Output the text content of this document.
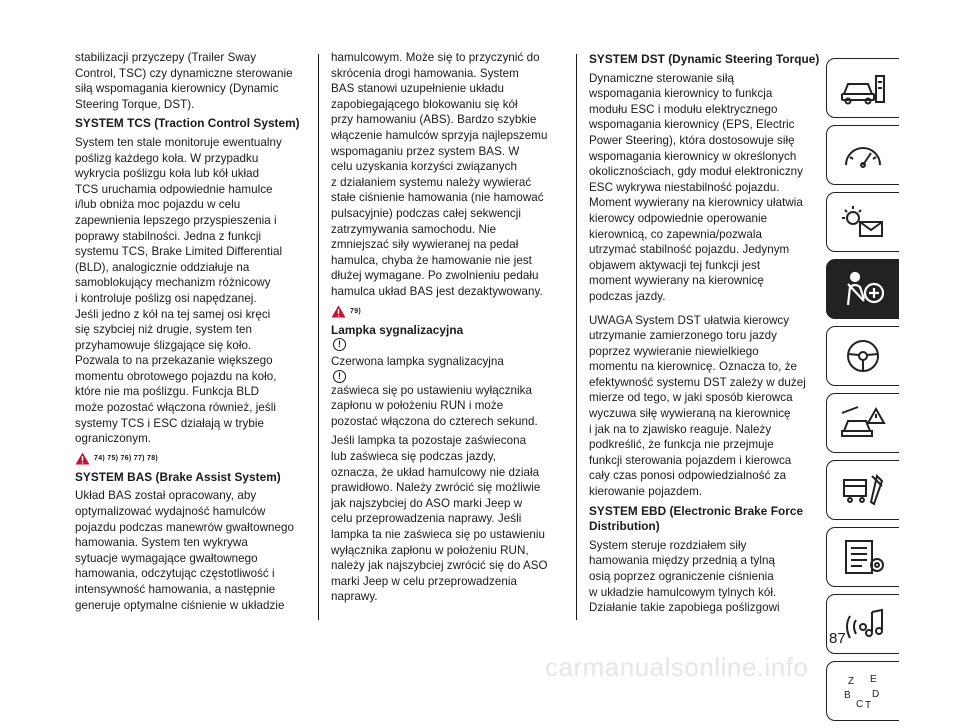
stabilizacji przyczepy (Trailer Sway
Control, TSC) czy dynamiczne sterowanie
siłą wspomagania kierownicy (Dynamic
Steering Torque, DST).
SYSTEM TCS (Traction Control System)
System ten stale monitoruje ewentualny
poślizg każdego koła. W przypadku
wykrycia poślizgu koła lub kół układ
TCS uruchamia odpowiednie hamulce
i/lub obniża moc pojazdu w celu
zapewnienia lepszego przyspieszenia i
poprawy stabilności. Jedna z funkcji
systemu TCS, Brake Limited Differential
(BLD), analogicznie oddziałuje na
samoblokujący mechanizm różnicowy
i kontroluje poślizg osi napędzanej.
Jeśli jedno z kół na tej samej osi kręci
się szybciej niż drugie, system ten
przyhamowuje ślizgające się koło.
Pozwala to na przekazanie większego
momentu obrotowego pojazdu na koło,
które nie ma poślizgu. Funkcja BLD
może pozostać włączona również, jeśli
systemy TCS i ESC działają w trybie
ograniczonym.
74) 75) 76) 77) 78)
SYSTEM BAS (Brake Assist System)
Układ BAS został opracowany, aby
optymalizować wydajność hamulców
pojazdu podczas manewrów gwałtownego
hamowania. System ten wykrywa
sytuacje wymagające gwałtownego
hamowania, odczytując częstotliwość i
intensywność hamowania, a następnie
generuje optymalne ciśnienie w układzie
hamulcowym. Może się to przyczynić do
skrócenia drogi hamowania. System
BAS stanowi uzupełnienie układu
zapobiegającego blokowaniu się kół
przy hamowaniu (ABS). Bardzo szybkie
włączenie hamulców sprzyja najlepszemu
wspomaganiu przez system BAS. W
celu uzyskania korzyści związanych
z działaniem systemu należy wywierać
stałe ciśnienie hamowania (nie hamować
pulsacyjnie) podczas całej sekwencji
zatrzymywania samochodu. Nie
zmniejszać siły wywieranej na pedał
hamulca, chyba że hamowanie nie jest
dłużej wymagane. Po zwolnieniu pedału
hamulca układ BAS jest dezaktywowany.
79)
Lampka sygnalizacyjna
!
Czerwona lampka sygnalizacyjna
!
zaświeca się po ustawieniu wyłącznika
zapłonu w położeniu RUN i może
pozostać włączona do czterech sekund.
Jeśli lampka ta pozostaje zaświecona
lub zaświeca się podczas jazdy,
oznacza, że układ hamulcowy nie działa
prawidłowo. Należy zwrócić się możliwie
jak najszybciej do ASO marki Jeep w
celu przeprowadzenia naprawy. Jeśli
lampka ta nie zaświeca się po ustawieniu
wyłącznika zapłonu w położeniu RUN,
należy jak najszybciej zwrócić się do ASO
marki Jeep w celu przeprowadzenia
naprawy.
SYSTEM DST (Dynamic Steering Torque)
Dynamiczne sterowanie siłą
wspomagania kierownicy to funkcja
modułu ESC i modułu elektrycznego
wspomagania kierownicy (EPS, Electric
Power Steering), która dostosowuje siłę
wspomagania kierownicy w określonych
okolicznościach, gdy moduł elektroniczny
ESC wykrywa niestabilność pojazdu.
Moment wywierany na kierownicy ułatwia
kierowcy odpowiednie operowanie
kierownicą, co zapewnia/pozwala
utrzymać stabilność pojazdu. Jedynym
objawem aktywacji tej funkcji jest
moment wywierany na kierownicę
podczas jazdy.
UWAGA System DST ułatwia kierowcy
utrzymanie zamierzonego toru jazdy
poprzez wywieranie niewielkiego
momentu na kierownicę. Oznacza to, że
efektywność systemu DST zależy w dużej
mierze od tego, w jaki sposób kierowca
wyczuwa siłę wywieraną na kierownicę
i jak na to zjawisko reaguje. Należy
podkreślić, że funkcja nie przejmuje
funkcji sterowania pojazdem i kierowca
cały czas ponosi odpowiedzialność za
kierowanie pojazdem.
SYSTEM EBD (Electronic Brake Force
Distribution)
System steruje rozdziałem siły
hamowania między przednią a tylną
osią poprzez ograniczenie ciśnienia
w układzie hamulcowym tylnych kół.
Działanie takie zapobiega poślizgowi
Z E
B D
C T
87
carmanualsonline.info
